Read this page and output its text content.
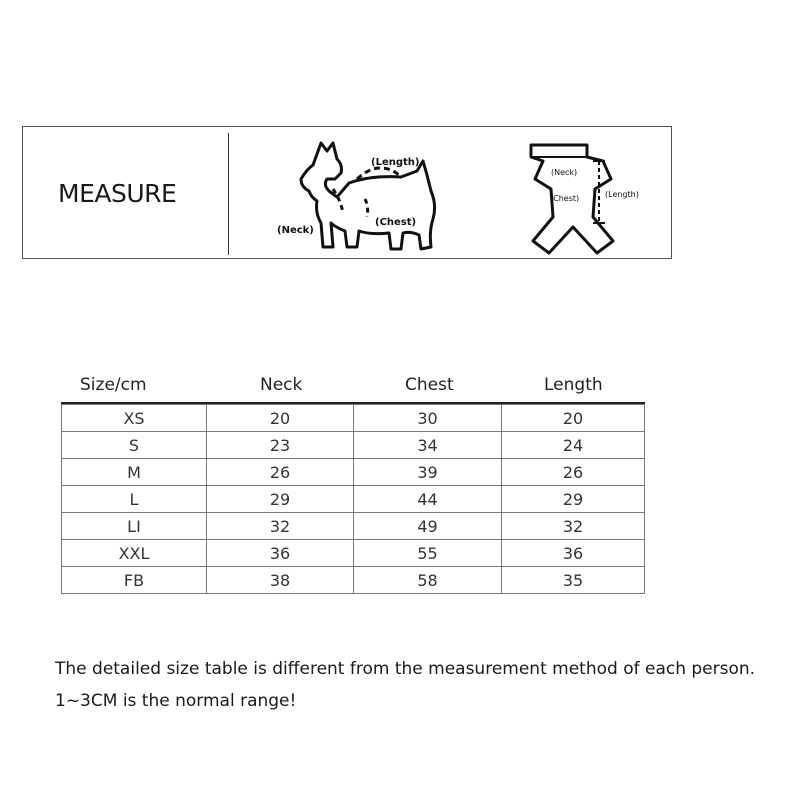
MEASURE
(Length)
(Neck)
(Chest)
(Neck)
(Chest)	(Length)
Size/cm	Neck	Chest	Length
XS	20	30	20
S	23	34	24
M	26	39	26
L	29	44	29
LI	32	49	32
XXL	36	55	36
FB	38	58	35
The detailed size table is different from the measurement method of each person.
1~3CM is the normal range!
